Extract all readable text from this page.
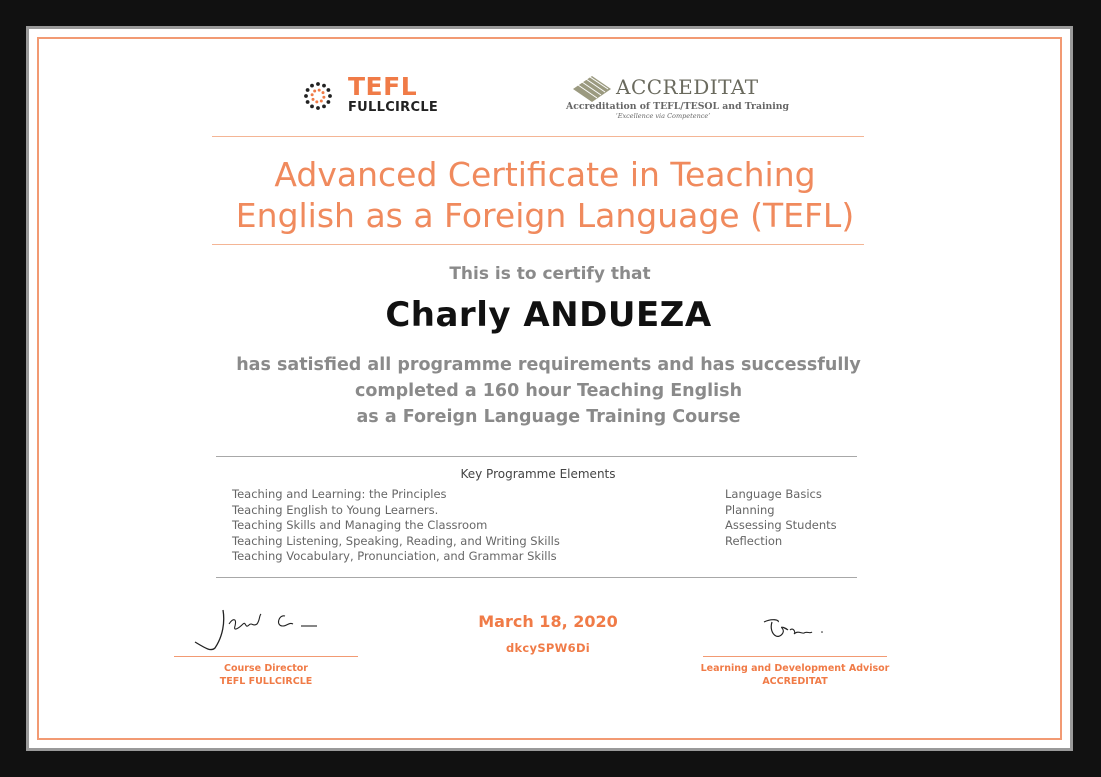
TEFL
FULLCIRCLE
ACCREDITAT
Accreditation of TEFL/TESOL and Training
‘Excellence via Competence’
Advanced Certificate in Teaching
English as a Foreign Language (TEFL)
This is to certify that
Charly ANDUEZA
has satisfied all programme requirements and has successfully
completed a 160 hour Teaching English
as a Foreign Language Training Course
Key Programme Elements
Teaching and Learning: the Principles
Teaching English to Young Learners.
Teaching Skills and Managing the Classroom
Teaching Listening, Speaking, Reading, and Writing Skills
Teaching Vocabulary, Pronunciation, and Grammar Skills
Language Basics
Planning
Assessing Students
Reflection
Course Director
TEFL FULLCIRCLE
March 18, 2020
dkcySPW6Di
Learning and Development Advisor
ACCREDITAT
